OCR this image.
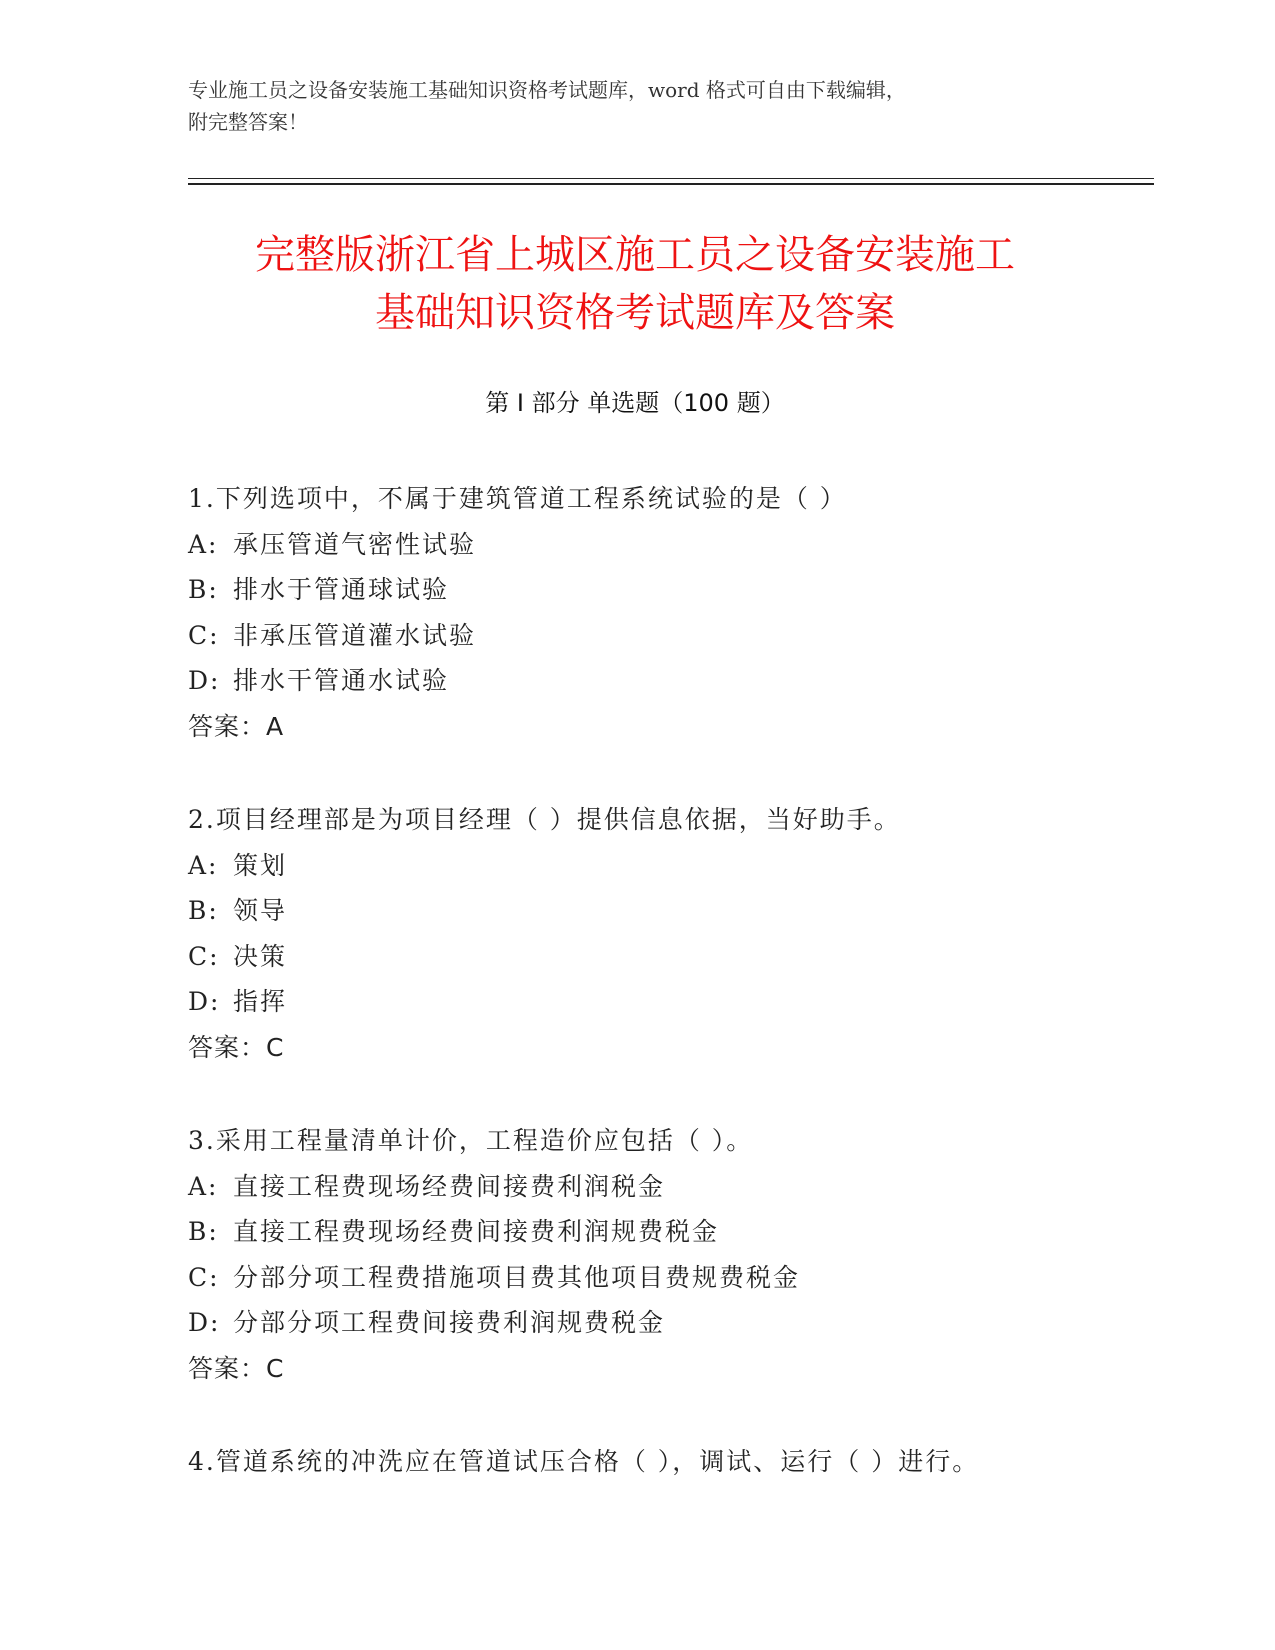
专业施工员之设备安装施工基础知识资格考试题库，word 格式可自由下载编辑，
附完整答案！
完整版浙江省上城区施工员之设备安装施工
基础知识资格考试题库及答案
第 I 部分 单选题（100 题）
1.下列选项中，不属于建筑管道工程系统试验的是（ ）
A: 承压管道气密性试验
B: 排水于管通球试验
C: 非承压管道灌水试验
D: 排水干管通水试验
答案：A
2.项目经理部是为项目经理（ ）提供信息依据，当好助手。
A: 策划
B: 领导
C: 决策
D: 指挥
答案：C
3.采用工程量清单计价，工程造价应包括（ ）。
A: 直接工程费现场经费间接费利润税金
B: 直接工程费现场经费间接费利润规费税金
C: 分部分项工程费措施项目费其他项目费规费税金
D: 分部分项工程费间接费利润规费税金
答案：C
4.管道系统的冲洗应在管道试压合格（ ），调试、运行（ ）进行。
